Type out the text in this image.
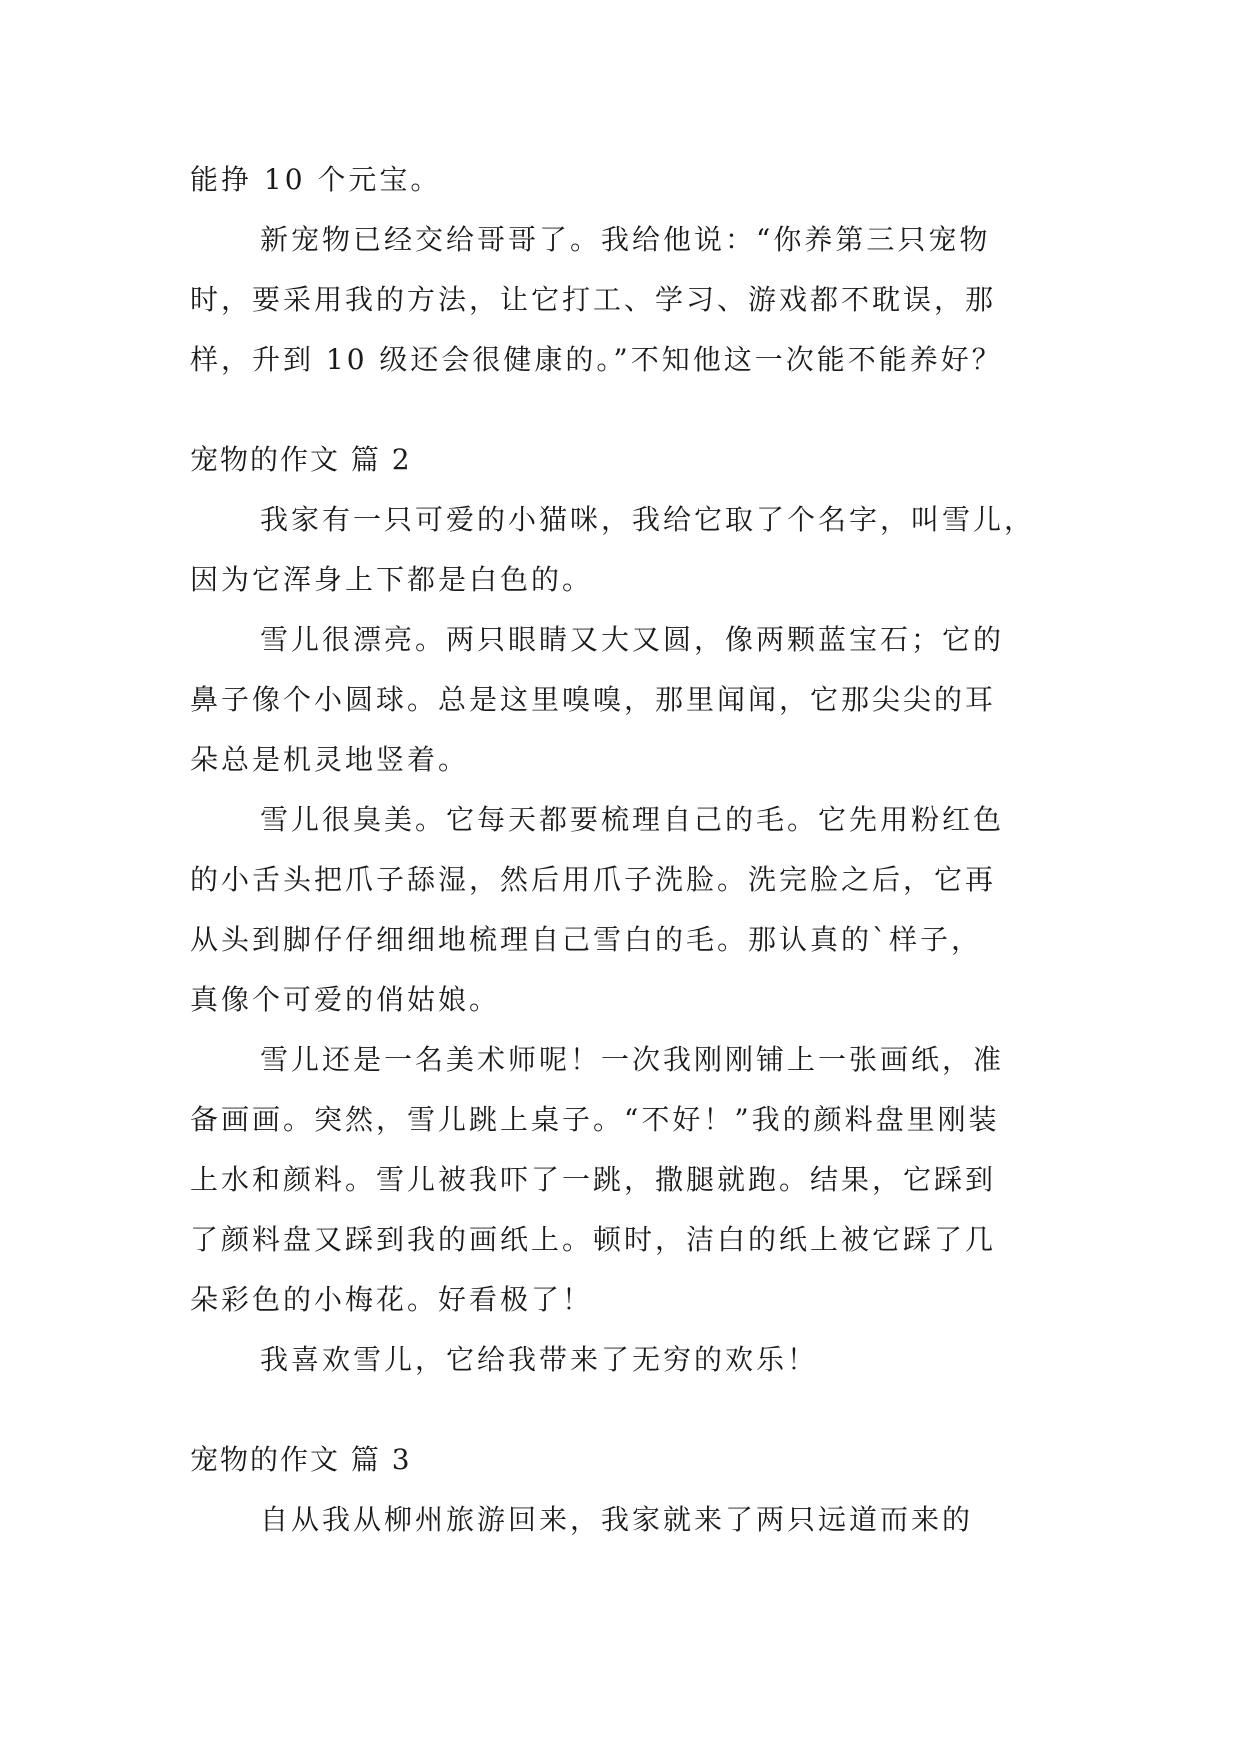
能挣 10 个元宝。
新宠物已经交给哥哥了。我给他说：“你养第三只宠物
时，要采用我的方法，让它打工、学习、游戏都不耽误，那
样，升到 10 级还会很健康的。”不知他这一次能不能养好？
宠物的作文 篇 2
我家有一只可爱的小猫咪，我给它取了个名字，叫雪儿，
因为它浑身上下都是白色的。
雪儿很漂亮。两只眼睛又大又圆，像两颗蓝宝石；它的
鼻子像个小圆球。总是这里嗅嗅，那里闻闻，它那尖尖的耳
朵总是机灵地竖着。
雪儿很臭美。它每天都要梳理自己的毛。它先用粉红色
的小舌头把爪子舔湿，然后用爪子洗脸。洗完脸之后，它再
从头到脚仔仔细细地梳理自己雪白的毛。那认真的`样子，
真像个可爱的俏姑娘。
雪儿还是一名美术师呢！一次我刚刚铺上一张画纸，准
备画画。突然，雪儿跳上桌子。“不好！”我的颜料盘里刚装
上水和颜料。雪儿被我吓了一跳，撒腿就跑。结果，它踩到
了颜料盘又踩到我的画纸上。顿时，洁白的纸上被它踩了几
朵彩色的小梅花。好看极了！
我喜欢雪儿，它给我带来了无穷的欢乐！
宠物的作文 篇 3
自从我从柳州旅游回来，我家就来了两只远道而来的
